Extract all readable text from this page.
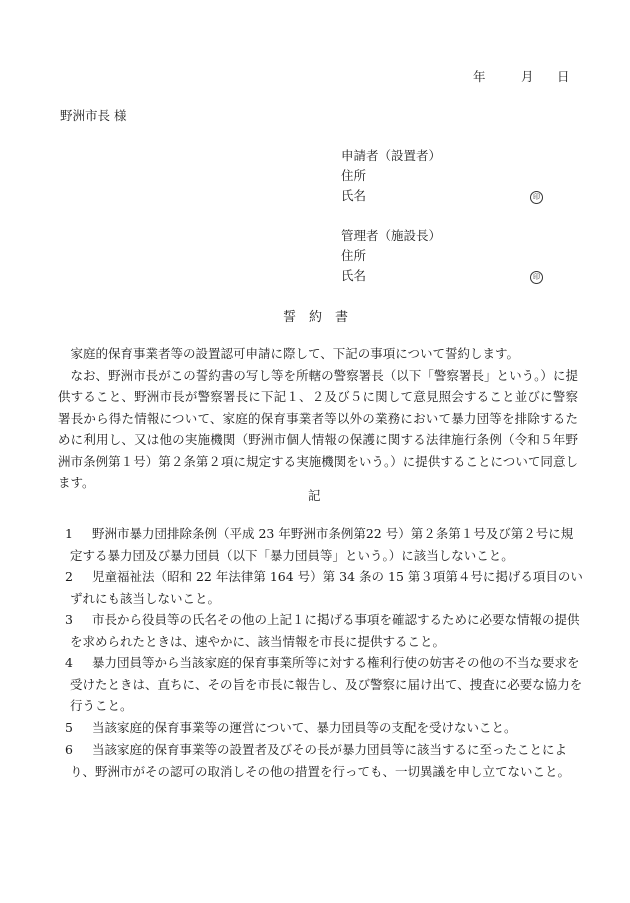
年	月 日
野洲市長 様
申請者（設置者）
住所
氏名	印
管理者（施設長）
住所
氏名	印
誓　約　書

家庭的保育事業者等の設置認可申請に際して、下記の事項について誓約します。

なお、野洲市長がこの誓約書の写し等を所轄の警察署長（以下「警察署長」という。）に提供すること、野洲市長が警察署長に下記１、２及び５に関して意見照会すること並びに警察署長から得た情報について、家庭的保育事業者等以外の業務において暴力団等を排除するために利用し、又は他の実施機関（野洲市個人情報の保護に関する法律施行条例（令和５年野洲市条例第１号）第２条第２項に規定する実施機関をいう。）に提供することについて同意します。

記
1	野洲市暴力団排除条例（平成 23 年野洲市条例第22 号）第２条第１号及び第２号に規定する暴力団及び暴力団員（以下「暴力団員等」という。）に該当しないこと。
2	児童福祉法（昭和 22 年法律第 164 号）第 34 条の 15 第３項第４号に掲げる項目のいずれにも該当しないこと。
3	市長から役員等の氏名その他の上記１に掲げる事項を確認するために必要な情報の提供を求められたときは、速やかに、該当情報を市長に提供すること。
4	暴力団員等から当該家庭的保育事業所等に対する権利行使の妨害その他の不当な要求を受けたときは、直ちに、その旨を市長に報告し、及び警察に届け出て、捜査に必要な協力を行うこと。
5	当該家庭的保育事業等の運営について、暴力団員等の支配を受けないこと。
6	当該家庭的保育事業等の設置者及びその長が暴力団員等に該当するに至ったことにより、野洲市がその認可の取消しその他の措置を行っても、一切異議を申し立てないこと。
